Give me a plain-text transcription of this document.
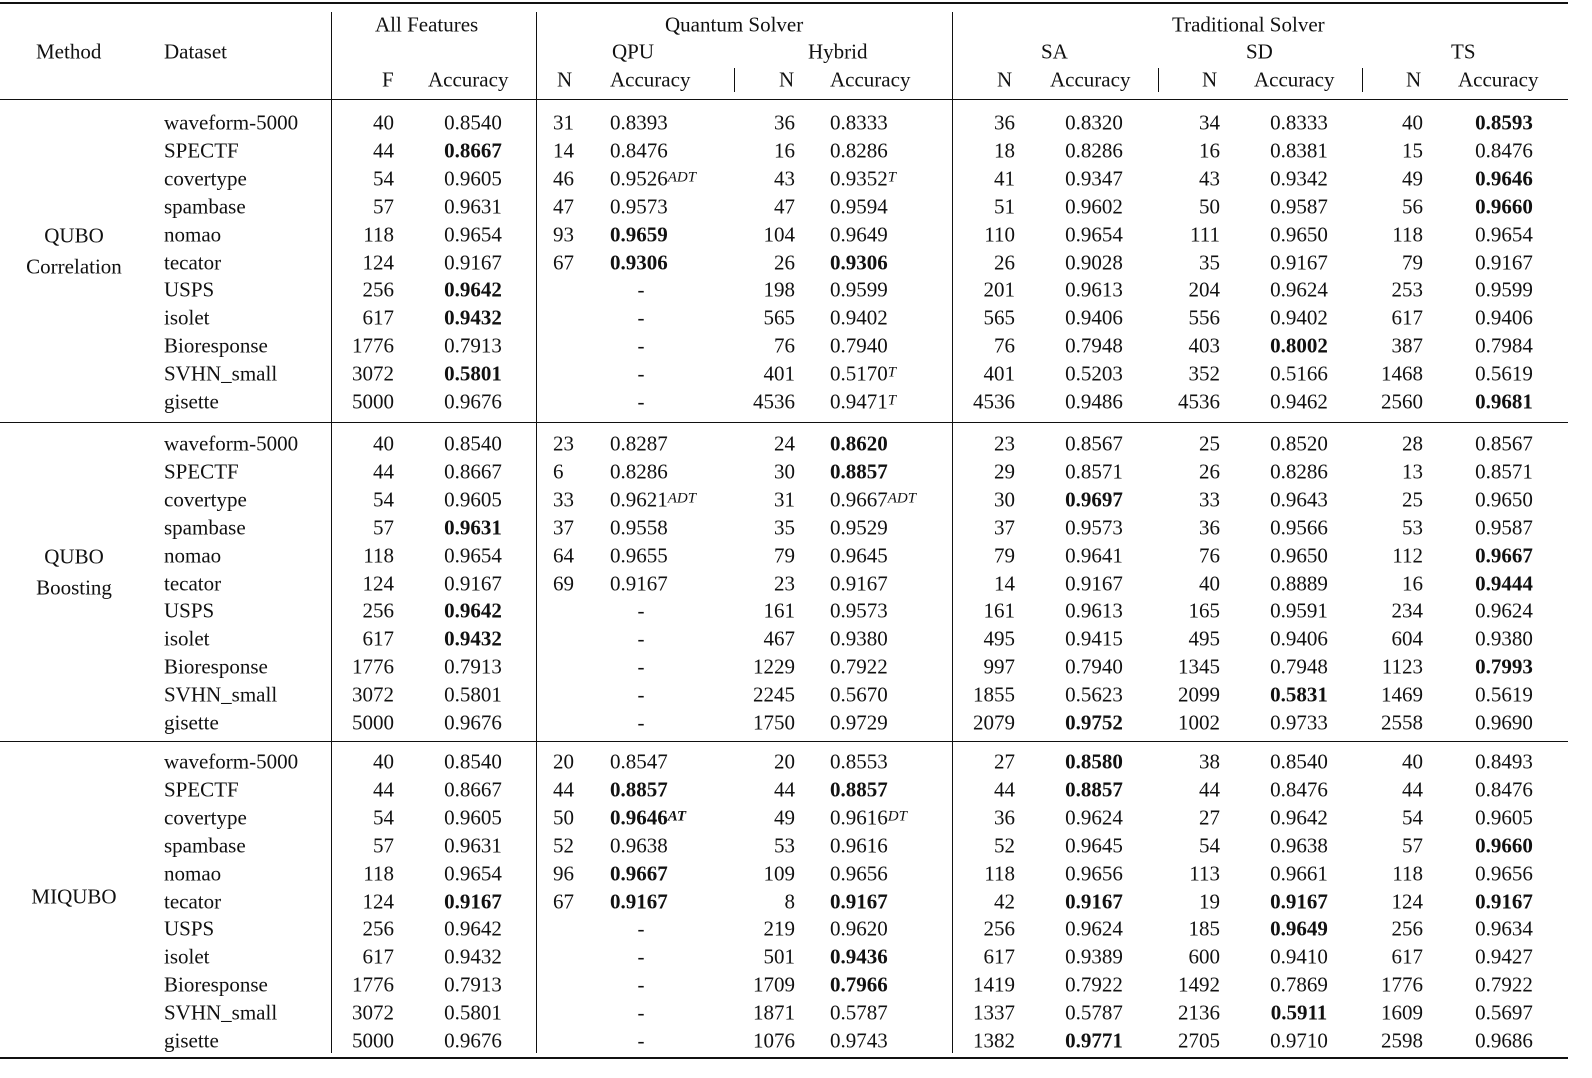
Method	Dataset
All Features	Quantum Solver	Traditional Solver
QPU	Hybrid	SA	SD	TS
F Accuracy N Accuracy	N Accuracy	N Accuracy	N Accuracy	N Accuracy
QUBO
Correlation
waveform-5000	40	0.8540	31 0.8393	36 0.8333	36	0.8320	34	0.8333	40	0.8593
SPECTF	44	0.8667	14 0.8476	16 0.8286	18	0.8286	16	0.8381	15	0.8476
covertype	54	0.9605	46 $0.9526^{ADT}$	43 $0.9352^T$	41	0.9347	43	0.9342	49	0.9646
spambase	57	0.9631	47 0.9573	47 0.9594	51	0.9602	50	0.9587	56	0.9660
nomao	118	0.9654	93 0.9659	104 0.9649	110	0.9654	111	0.9650	118	0.9654
tecator	124	0.9167	67 0.9306	26 0.9306	26	0.9028	35	0.9167	79	0.9167
USPS	256	0.9642	-	198 0.9599	201	0.9613	204	0.9624	253	0.9599
isolet	617	0.9432	-	565 0.9402	565	0.9406	556	0.9402	617	0.9406
Bioresponse	1776	0.7913	-	76 0.7940	76	0.7948	403	0.8002	387	0.7984
SVHN_small	3072	0.5801	-	401 $0.5170^T$	401	0.5203	352	0.5166	1468	0.5619
gisette	5000	0.9676	-	4536 $0.9471^T$	4536	0.9486	4536	0.9462	2560	0.9681
QUBO
Boosting
waveform-5000	40	0.8540	23 0.8287	24 0.8620	23	0.8567	25	0.8520	28	0.8567
SPECTF	44	0.8667	6 0.8286	30 0.8857	29	0.8571	26	0.8286	13	0.8571
covertype	54	0.9605	33 $0.9621^{ADT}$	31 $0.9667^{ADT}$	30	0.9697	33	0.9643	25	0.9650
spambase	57	0.9631	37 0.9558	35 0.9529	37	0.9573	36	0.9566	53	0.9587
nomao	118	0.9654	64 0.9655	79 0.9645	79	0.9641	76	0.9650	112	0.9667
tecator	124	0.9167	69 0.9167	23 0.9167	14	0.9167	40	0.8889	16	0.9444
USPS	256	0.9642	-	161 0.9573	161	0.9613	165	0.9591	234	0.9624
isolet	617	0.9432	-	467 0.9380	495	0.9415	495	0.9406	604	0.9380
Bioresponse	1776	0.7913	-	1229 0.7922	997	0.7940	1345	0.7948	1123	0.7993
SVHN_small	3072	0.5801	-	2245 0.5670	1855	0.5623	2099	0.5831	1469	0.5619
gisette	5000	0.9676	-	1750 0.9729	2079	0.9752	1002	0.9733	2558	0.9690
MIQUBO
waveform-5000	40	0.8540	20 0.8547	20 0.8553	27	0.8580	38	0.8540	40	0.8493
SPECTF	44	0.8667	44 0.8857	44 0.8857	44	0.8857	44	0.8476	44	0.8476
covertype	54	0.9605	50 $0.9646^{AT}$	49 $0.9616^{DT}$	36	0.9624	27	0.9642	54	0.9605
spambase	57	0.9631	52 0.9638	53 0.9616	52	0.9645	54	0.9638	57	0.9660
nomao	118	0.9654	96 0.9667	109 0.9656	118	0.9656	113	0.9661	118	0.9656
tecator	124	0.9167	67 0.9167	8 0.9167	42	0.9167	19	0.9167	124	0.9167
USPS	256	0.9642	-	219 0.9620	256	0.9624	185	0.9649	256	0.9634
isolet	617	0.9432	-	501 0.9436	617	0.9389	600	0.9410	617	0.9427
Bioresponse	1776	0.7913	-	1709 0.7966	1419	0.7922	1492	0.7869	1776	0.7922
SVHN_small	3072	0.5801	-	1871 0.5787	1337	0.5787	2136	0.5911	1609	0.5697
gisette	5000	0.9676	-	1076 0.9743	1382	0.9771	2705	0.9710	2598	0.9686
